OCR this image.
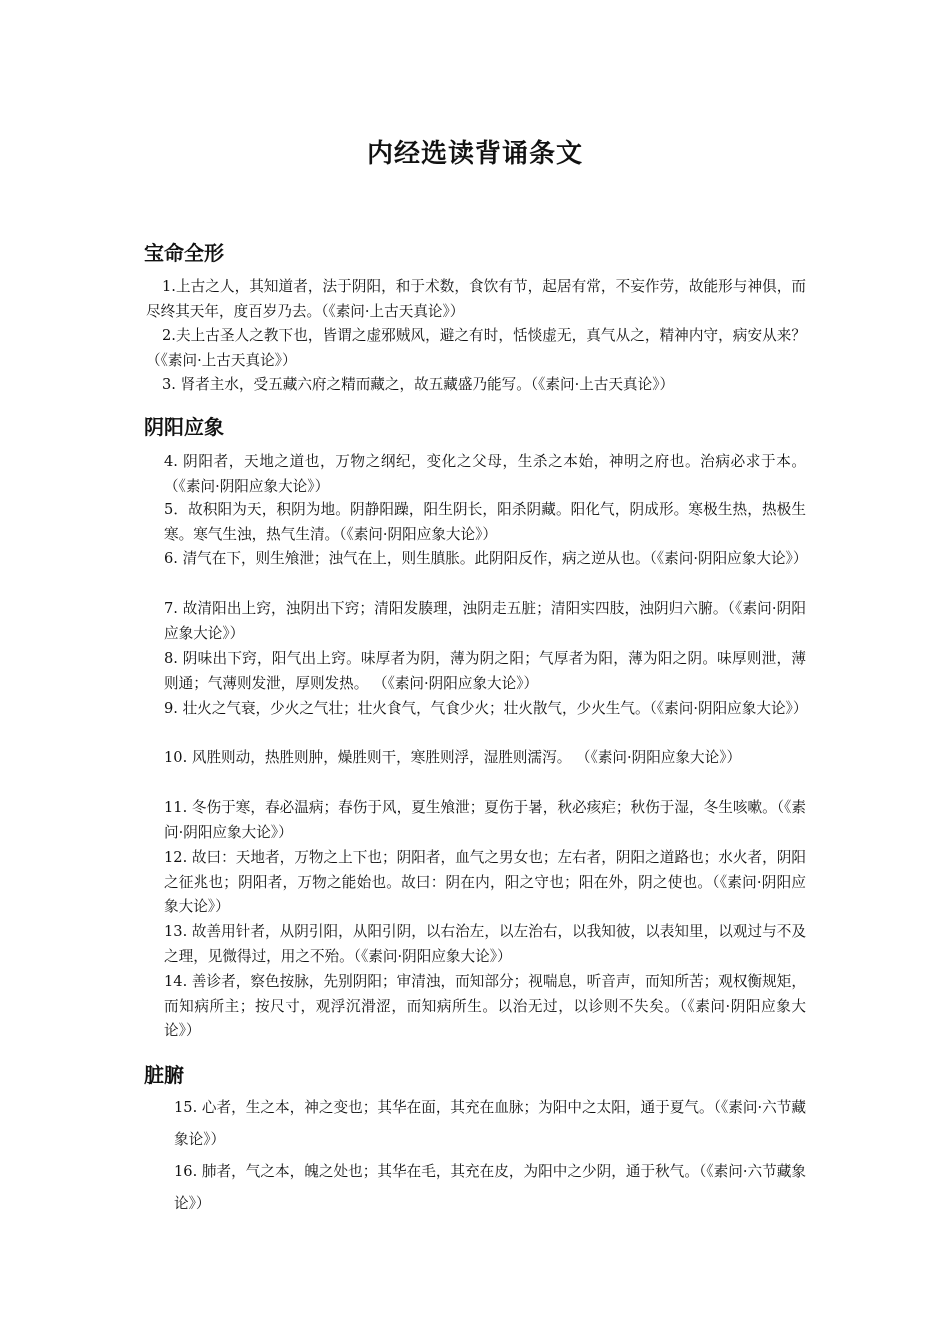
内经选读背诵条文
宝命全形
1.上古之人，其知道者，法于阴阳，和于术数，食饮有节，起居有常，不妄作劳，故能形与神俱，而尽终其天年，度百岁乃去。（《素问·上古天真论》）
2.夫上古圣人之教下也，皆谓之虚邪贼风，避之有时，恬惔虚无，真气从之，精神内守，病安从来？（《素问·上古天真论》）
3. 肾者主水，受五藏六府之精而藏之，故五藏盛乃能写。（《素问·上古天真论》）
阴阳应象
4. 阴阳者，天地之道也，万物之纲纪，变化之父母，生杀之本始，神明之府也。治病必求于本。（《素问·阴阳应象大论》）
5．故积阳为天，积阴为地。阴静阳躁，阳生阴长，阳杀阴藏。阳化气，阴成形。寒极生热，热极生寒。寒气生浊，热气生清。（《素问·阴阳应象大论》）
6. 清气在下，则生飧泄；浊气在上，则生䐜胀。此阴阳反作，病之逆从也。（《素问·阴阳应象大论》）
7. 故清阳出上窍，浊阴出下窍；清阳发腠理，浊阴走五脏；清阳实四肢，浊阴归六腑。（《素问·阴阳应象大论》）
8. 阴味出下窍，阳气出上窍。味厚者为阴，薄为阴之阳；气厚者为阳，薄为阳之阴。味厚则泄，薄则通；气薄则发泄，厚则发热。 （《素问·阴阳应象大论》）
9. 壮火之气衰，少火之气壮；壮火食气，气食少火；壮火散气，少火生气。（《素问·阴阳应象大论》）
10. 风胜则动，热胜则肿，燥胜则干，寒胜则浮，湿胜则濡泻。 （《素问·阴阳应象大论》）
11. 冬伤于寒，春必温病；春伤于风，夏生飧泄；夏伤于暑，秋必痎疟；秋伤于湿，冬生咳嗽。（《素问·阴阳应象大论》）
12. 故曰：天地者，万物之上下也；阴阳者，血气之男女也；左右者，阴阳之道路也；水火者，阴阳之征兆也；阴阳者，万物之能始也。故曰：阴在内，阳之守也；阳在外，阴之使也。（《素问·阴阳应象大论》）
13. 故善用针者，从阴引阳，从阳引阴，以右治左，以左治右，以我知彼，以表知里，以观过与不及之理，见微得过，用之不殆。（《素问·阴阳应象大论》）
14. 善诊者，察色按脉，先别阴阳；审清浊，而知部分；视喘息，听音声，而知所苦；观权衡规矩，而知病所主；按尺寸，观浮沉滑涩，而知病所生。以治无过，以诊则不失矣。（《素问·阴阳应象大论》）
脏腑
15. 心者，生之本，神之变也；其华在面，其充在血脉；为阳中之太阳，通于夏气。（《素问·六节藏象论》）
16. 肺者，气之本，魄之处也；其华在毛，其充在皮，为阳中之少阴，通于秋气。（《素问·六节藏象论》）
